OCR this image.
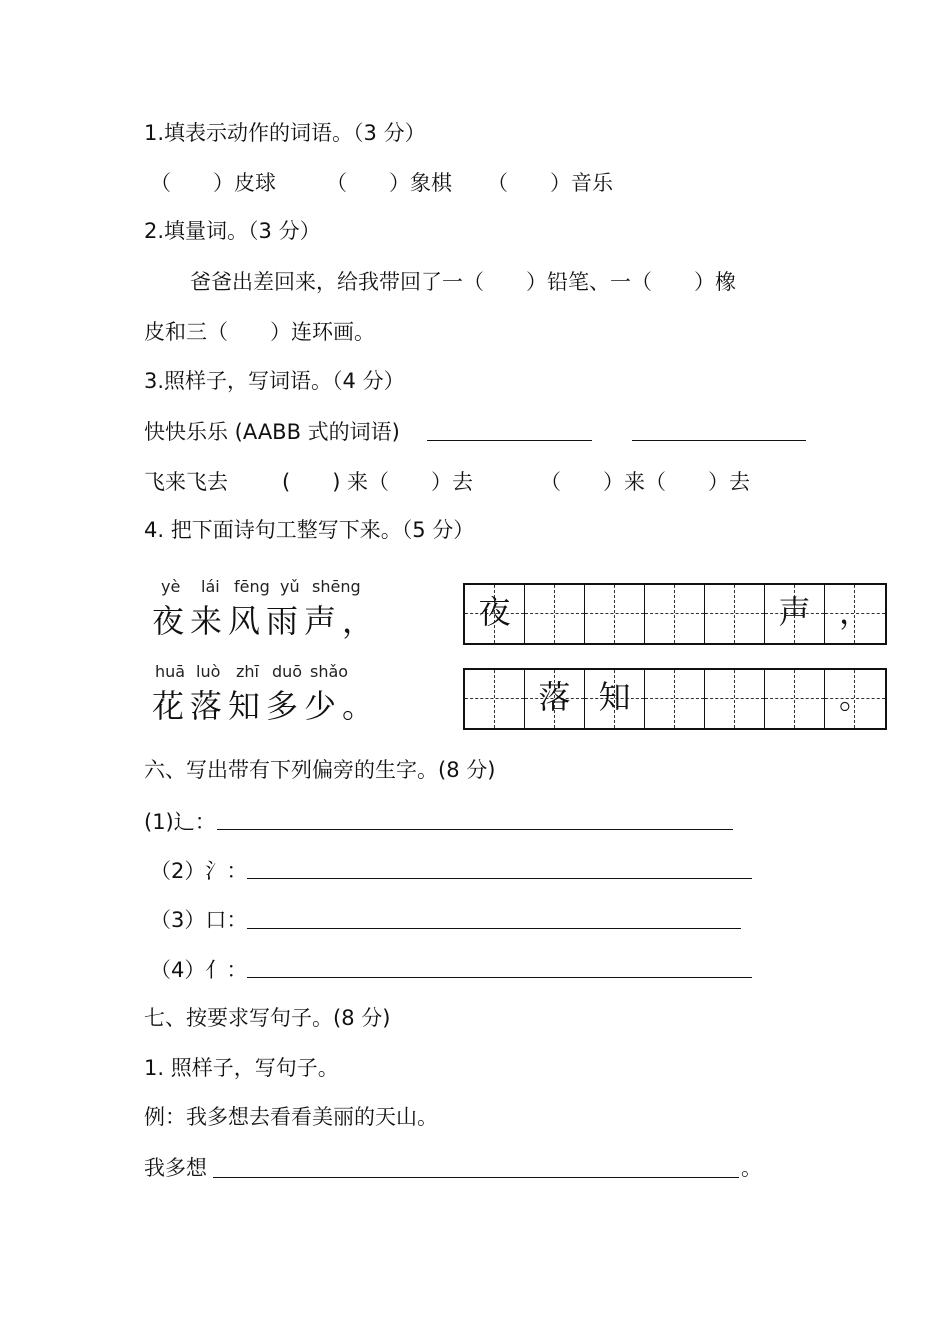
1.填表示动作的词语。（3 分）
（　　）皮球 （　　）象棋 （　　）音乐
2.填量词。（3 分）
爸爸出差回来，给我带回了一（　　）铅笔、一（　　）橡
皮和三（　　）连环画。
3.照样子，写词语。（4 分）
快快乐乐 (AABB 式的词语)
飞来飞去	(　　) 来（　　）去	（　　）来（　　）去
4. 把下面诗句工整写下来。（5 分）
yè lái fēng yǔ shēng
夜来风雨声，
huā luò zhī duō shǎo
花落知多少。
夜	声 ，
落 知	。
六、写出带有下列偏旁的生字。(8 分)
(1)辶：
（2）氵：
（3）口：
（4）亻：
七、按要求写句子。(8 分)
1. 照样子，写句子。
例：我多想去看看美丽的天山。
我多想	。
